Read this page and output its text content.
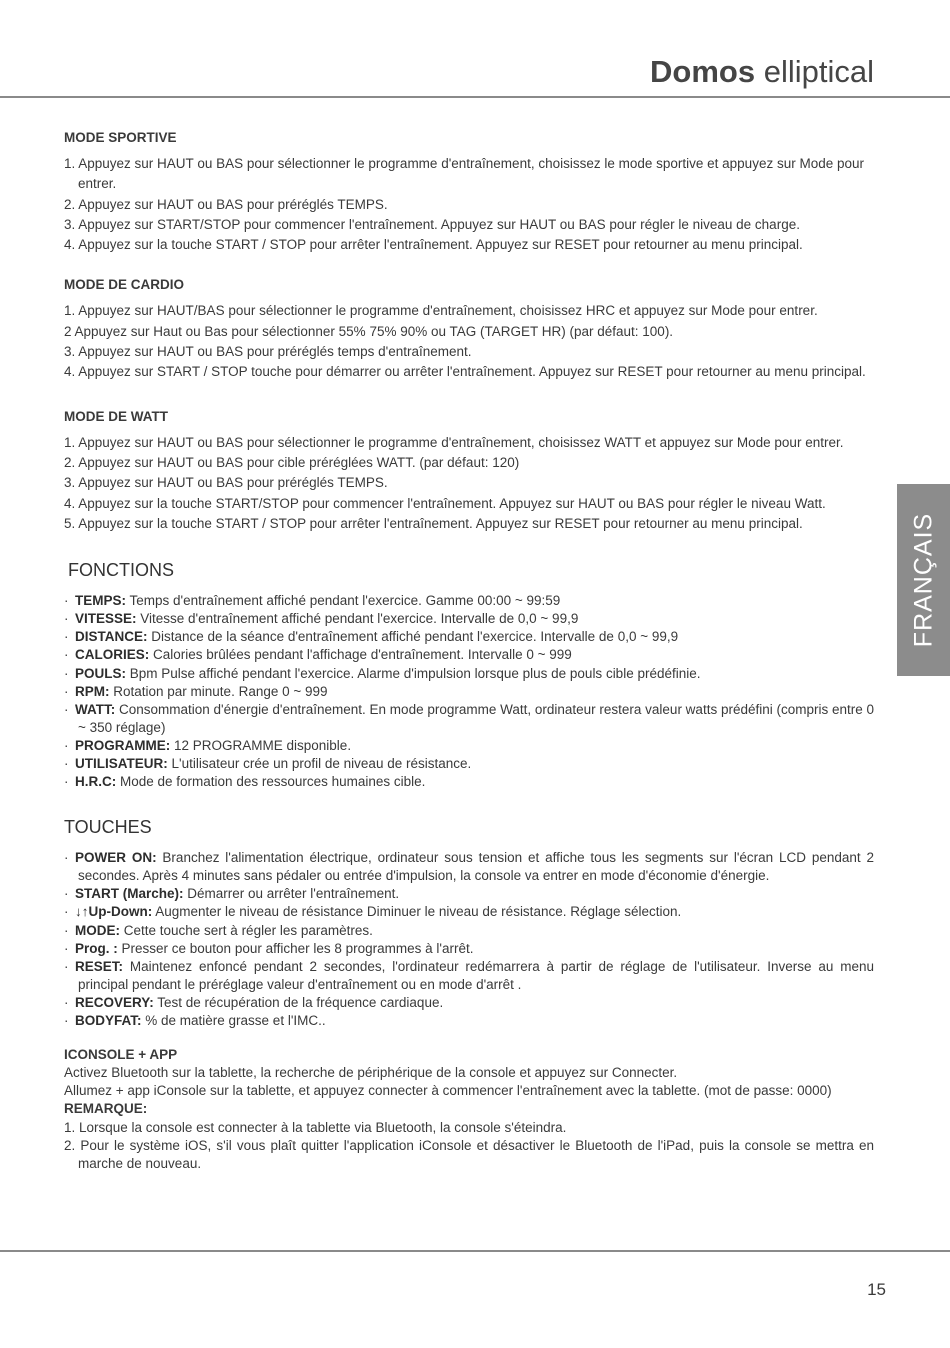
Domos elliptical
FRANÇAIS

MODE SPORTIVE

1. Appuyez sur HAUT ou BAS pour sélectionner le programme d'entraînement, choisissez le mode sportive et appuyez sur Mode pour entrer.

2. Appuyez sur HAUT ou BAS pour préréglés TEMPS.

3. Appuyez sur START/STOP pour commencer l'entraînement. Appuyez sur HAUT ou BAS pour régler le niveau de charge.

4. Appuyez sur la touche START / STOP pour arrêter l'entraînement. Appuyez sur RESET pour retourner au menu principal.

MODE DE CARDIO

1. Appuyez sur HAUT/BAS pour sélectionner le programme d'entraînement, choisissez HRC et appuyez sur Mode pour entrer.

2 Appuyez sur Haut ou Bas pour sélectionner 55% 75% 90% ou TAG (TARGET HR) (par défaut: 100).

3. Appuyez sur HAUT ou BAS pour préréglés temps d'entraînement.

4. Appuyez sur START / STOP touche pour démarrer ou arrêter l'entraînement. Appuyez sur RESET pour retourner au menu principal.

MODE DE WATT

1. Appuyez sur HAUT ou BAS pour sélectionner le programme d'entraînement, choisissez WATT et appuyez sur Mode pour entrer.

2. Appuyez sur HAUT ou BAS pour cible préréglées WATT. (par défaut: 120)

3. Appuyez sur HAUT ou BAS pour préréglés TEMPS.

4. Appuyez sur la touche START/STOP pour commencer l'entraînement. Appuyez sur HAUT ou BAS pour régler le niveau Watt.

5. Appuyez sur la touche START / STOP pour arrêter l'entraînement. Appuyez sur RESET pour retourner au menu principal.

FONCTIONS

· TEMPS: Temps d'entraînement affiché pendant l'exercice. Gamme 00:00 ~ 99:59

· VITESSE: Vitesse d'entraînement affiché pendant l'exercice. Intervalle de 0,0 ~ 99,9

· DISTANCE: Distance de la séance d'entraînement affiché pendant l'exercice. Intervalle de 0,0 ~ 99,9

· CALORIES: Calories brûlées pendant l'affichage d'entraînement. Intervalle 0 ~ 999

· POULS: Bpm Pulse affiché pendant l'exercice. Alarme d'impulsion lorsque plus de pouls cible prédéfinie.

· RPM: Rotation par minute. Range 0 ~ 999

· WATT: Consommation d'énergie d'entraînement. En mode programme Watt, ordinateur restera valeur watts prédéfini (compris entre 0 ~ 350 réglage)

· PROGRAMME: 12 PROGRAMME disponible.

· UTILISATEUR: L'utilisateur crée un profil de niveau de résistance.

· H.R.C: Mode de formation des ressources humaines cible.

TOUCHES

· POWER ON: Branchez l'alimentation électrique, ordinateur sous tension et affiche tous les segments sur l'écran LCD pendant 2 secondes. Après 4 minutes sans pédaler ou entrée d'impulsion, la console va entrer en mode d'économie d'énergie.

· START (Marche): Démarrer ou arrêter l'entraînement.

· ↓↑Up-Down: Augmenter le niveau de résistance Diminuer le niveau de résistance. Réglage sélection.

· MODE: Cette touche sert à régler les paramètres.

· Prog. : Presser ce bouton pour afficher les 8 programmes à l'arrêt.

· RESET: Maintenez enfoncé pendant 2 secondes, l'ordinateur redémarrera à partir de réglage de l'utilisateur. Inverse au menu principal pendant le préréglage valeur d'entraînement ou en mode d'arrêt .

· RECOVERY: Test de récupération de la fréquence cardiaque.

· BODYFAT: % de matière grasse et l'IMC..

ICONSOLE + APP

Activez Bluetooth sur la tablette, la recherche de périphérique de la console et appuyez sur Connecter.

Allumez + app iConsole sur la tablette, et appuyez connecter à commencer l'entraînement avec la tablette. (mot de passe: 0000)

REMARQUE:

1. Lorsque la console est connecter à la tablette via Bluetooth, la console s'éteindra.

2. Pour le système iOS, s'il vous plaît quitter l'application iConsole et désactiver le Bluetooth de l'iPad, puis la console se mettra en marche de nouveau.

15
